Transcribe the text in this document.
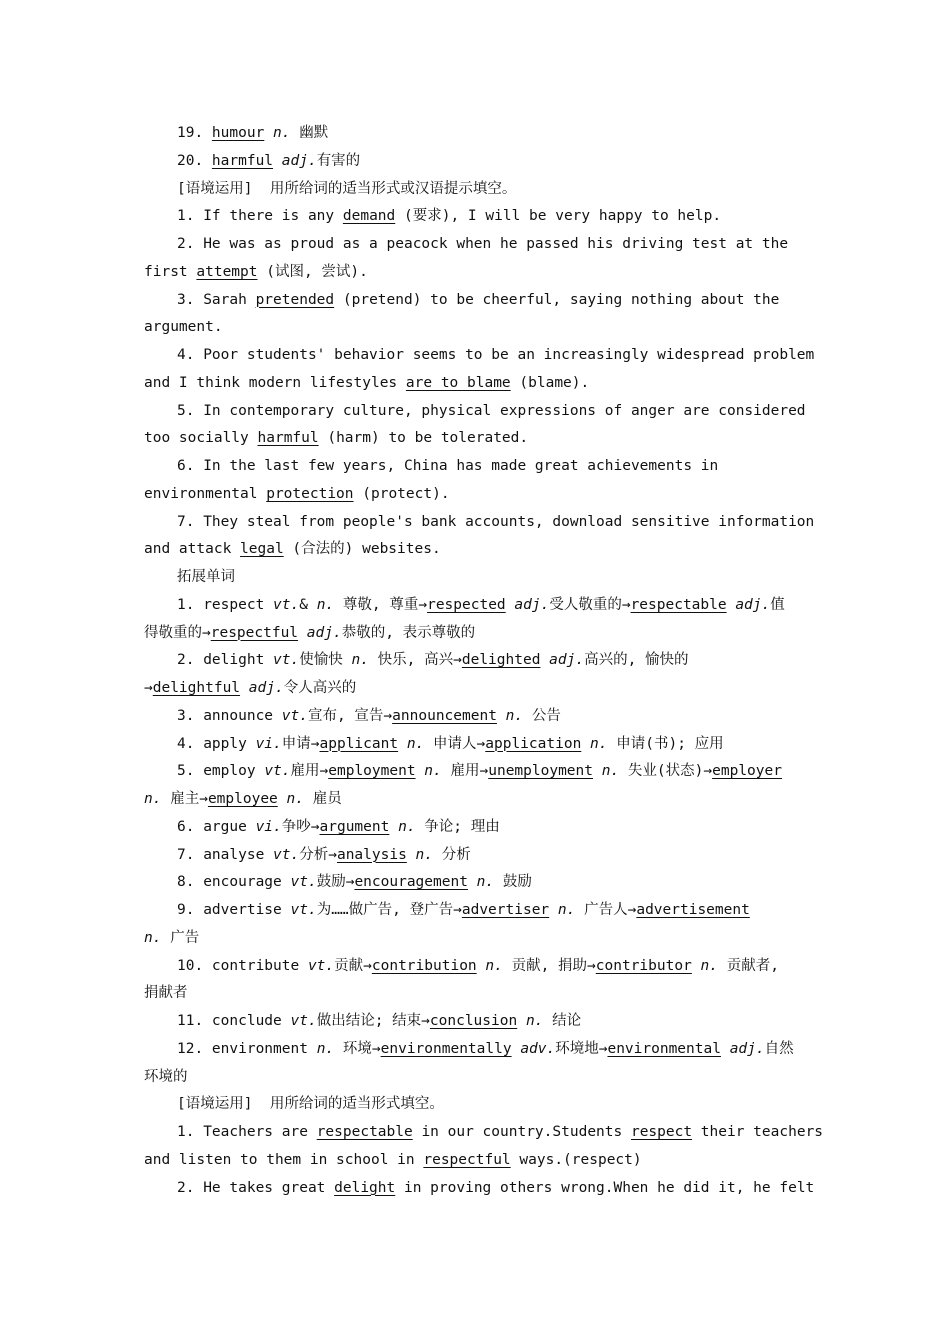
19. humour n. 幽默
20. harmful adj.有害的
[语境运用]  用所给词的适当形式或汉语提示填空。
1. If there is any demand (要求), I will be very happy to help.
2. He was as proud as a peacock when he passed his driving test at the
first attempt (试图, 尝试).
3. Sarah pretended (pretend) to be cheerful, saying nothing about the
argument.
4. Poor students' behavior seems to be an increasingly widespread problem
and I think modern lifestyles are to blame (blame).
5. In contemporary culture, physical expressions of anger are considered
too socially harmful (harm) to be tolerated.
6. In the last few years, China has made great achievements in
environmental protection (protect).
7. They steal from people's bank accounts, download sensitive information
and attack legal (合法的) websites.
拓展单词
1. respect vt.& n. 尊敬, 尊重→respected adj.受人敬重的→respectable adj.值
得敬重的→respectful adj.恭敬的, 表示尊敬的
2. delight vt.使愉快 n. 快乐, 高兴→delighted adj.高兴的, 愉快的
→delightful adj.令人高兴的
3. announce vt.宣布, 宣告→announcement n. 公告
4. apply vi.申请→applicant n. 申请人→application n. 申请(书); 应用
5. employ vt.雇用→employment n. 雇用→unemployment n. 失业(状态)→employer
n. 雇主→employee n. 雇员
6. argue vi.争吵→argument n. 争论; 理由
7. analyse vt.分析→analysis n. 分析
8. encourage vt.鼓励→encouragement n. 鼓励
9. advertise vt.为……做广告, 登广告→advertiser n. 广告人→advertisement
n. 广告
10. contribute vt.贡献→contribution n. 贡献, 捐助→contributor n. 贡献者,
捐献者
11. conclude vt.做出结论; 结束→conclusion n. 结论
12. environment n. 环境→environmentally adv.环境地→environmental adj.自然
环境的
[语境运用]  用所给词的适当形式填空。
1. Teachers are respectable in our country.Students respect their teachers
and listen to them in school in respectful ways.(respect)
2. He takes great delight in proving others wrong.When he did it, he felt
